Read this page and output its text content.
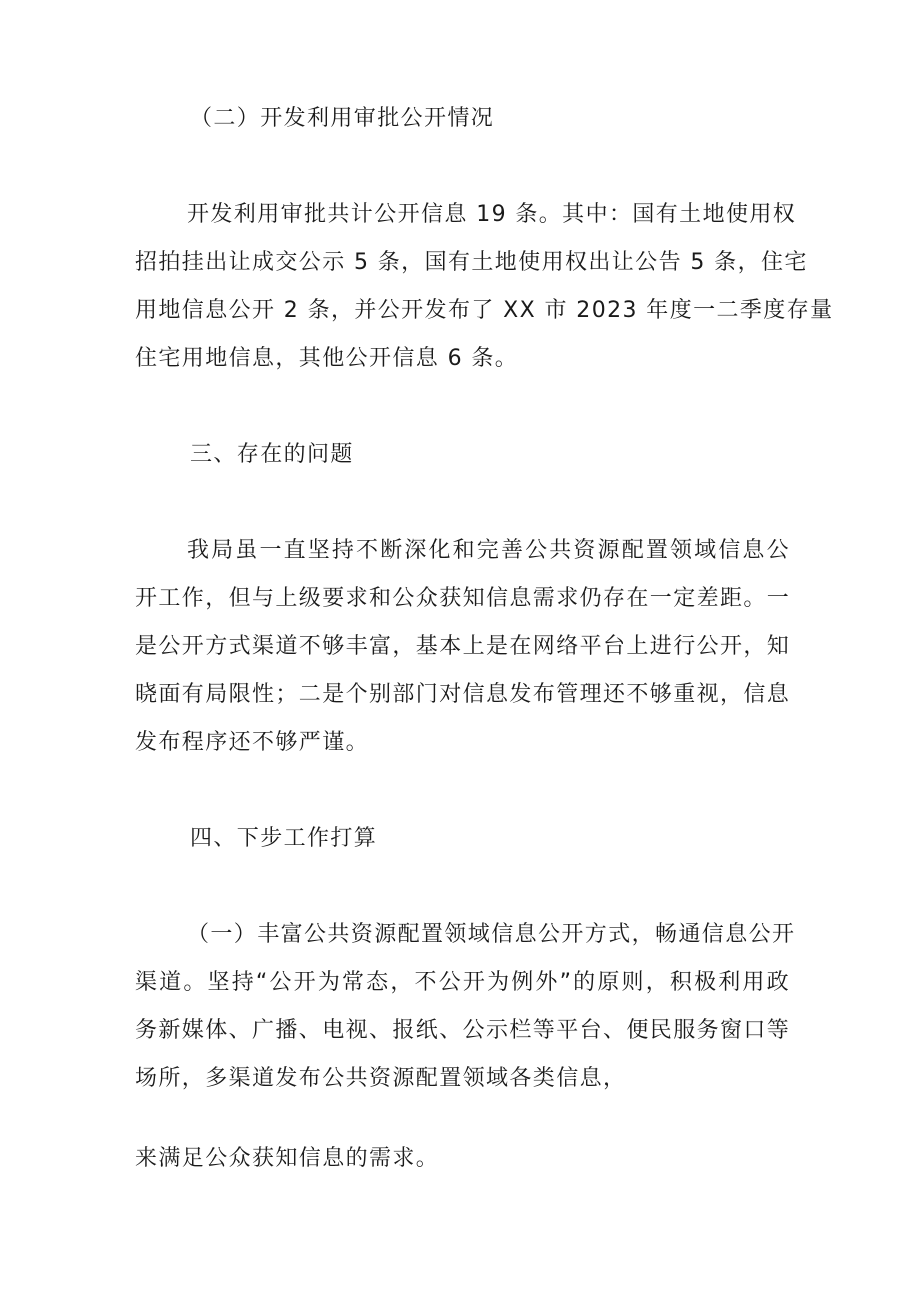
（二）开发利用审批公开情况
开发利用审批共计公开信息 19 条。其中：国有土地使用权
招拍挂出让成交公示 5 条，国有土地使用权出让公告 5 条，住宅
用地信息公开 2 条，并公开发布了 XX 市 2023 年度一二季度存量
住宅用地信息，其他公开信息 6 条。
三、存在的问题
我局虽一直坚持不断深化和完善公共资源配置领域信息公
开工作，但与上级要求和公众获知信息需求仍存在一定差距。一
是公开方式渠道不够丰富，基本上是在网络平台上进行公开，知
晓面有局限性；二是个别部门对信息发布管理还不够重视，信息
发布程序还不够严谨。
四、下步工作打算
（一）丰富公共资源配置领域信息公开方式，畅通信息公开
渠道。坚持“公开为常态，不公开为例外”的原则，积极利用政
务新媒体、广播、电视、报纸、公示栏等平台、便民服务窗口等
场所，多渠道发布公共资源配置领域各类信息，
来满足公众获知信息的需求。
